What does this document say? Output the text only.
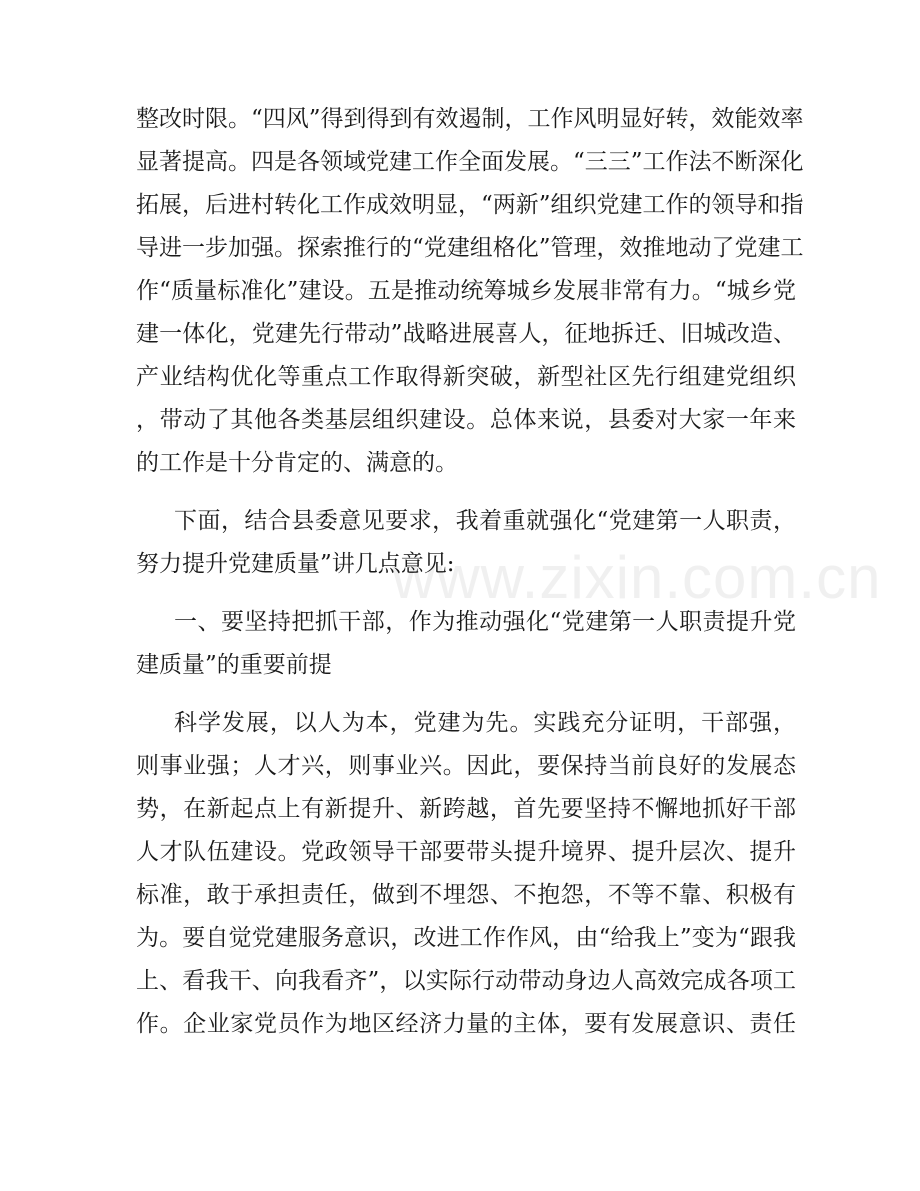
www.zixin.com.cn
整改时限。“四风”得到得到有效遏制，工作风明显好转，效能效率
显著提高。四是各领域党建工作全面发展。“三三”工作法不断深化
拓展，后进村转化工作成效明显，“两新”组织党建工作的领导和指
导进一步加强。探索推行的“党建组格化”管理，效推地动了党建工
作“质量标准化”建设。五是推动统筹城乡发展非常有力。“城乡党
建一体化，党建先行带动”战略进展喜人，征地拆迁、旧城改造、
产业结构优化等重点工作取得新突破，新型社区先行组建党组织
，带动了其他各类基层组织建设。总体来说，县委对大家一年来
的工作是十分肯定的、满意的。
下面，结合县委意见要求，我着重就强化“党建第一人职责，
努力提升党建质量”讲几点意见:
一、要坚持把抓干部，作为推动强化“党建第一人职责提升党
建质量”的重要前提
科学发展，以人为本，党建为先。实践充分证明，干部强，
则事业强；人才兴，则事业兴。因此，要保持当前良好的发展态
势，在新起点上有新提升、新跨越，首先要坚持不懈地抓好干部
人才队伍建设。党政领导干部要带头提升境界、提升层次、提升
标准，敢于承担责任，做到不埋怨、不抱怨，不等不靠、积极有
为。要自觉党建服务意识，改进工作作风，由“给我上”变为“跟我
上、看我干、向我看齐”，以实际行动带动身边人高效完成各项工
作。企业家党员作为地区经济力量的主体，要有发展意识、责任
